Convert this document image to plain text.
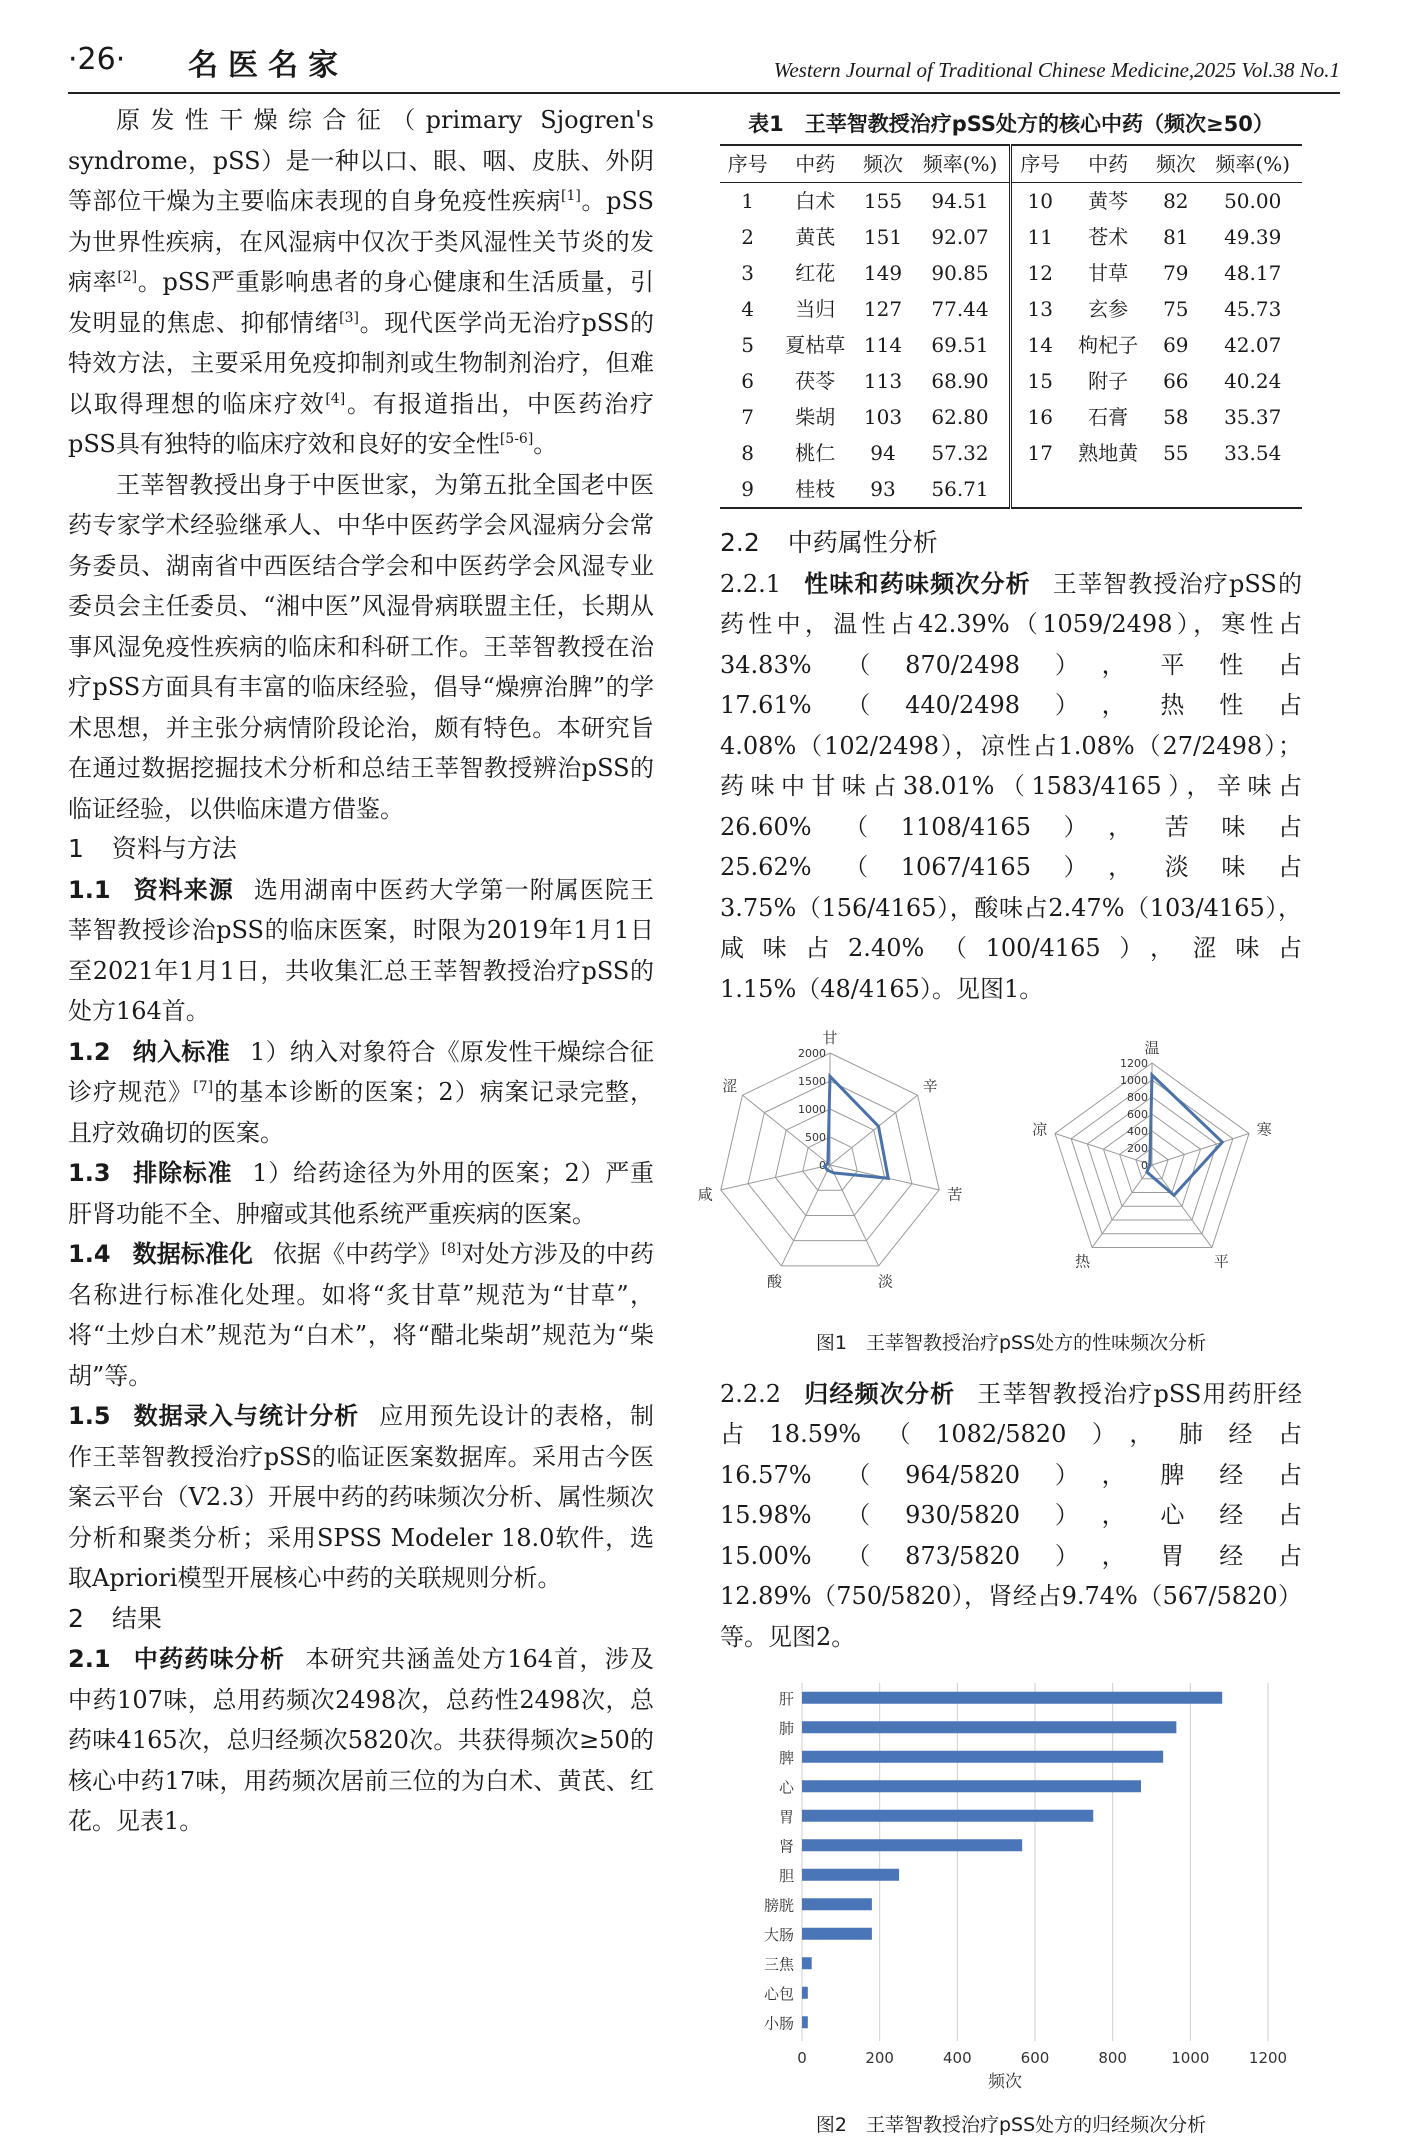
·26· 名医名家	Western Journal of Traditional Chinese Medicine,2025 Vol.38 No.1

原发性干燥综合征（primary Sjogren's syndrome，pSS）是一种以口、眼、咽、皮肤、外阴等部位干燥为主要临床表现的自身免疫性疾病[1]。pSS为世界性疾病，在风湿病中仅次于类风湿性关节炎的发病率[2]。pSS严重影响患者的身心健康和生活质量，引发明显的焦虑、抑郁情绪[3]。现代医学尚无治疗pSS的特效方法，主要采用免疫抑制剂或生物制剂治疗，但难以取得理想的临床疗效[4]。有报道指出，中医药治疗pSS具有独特的临床疗效和良好的安全性[5-6]。

王莘智教授出身于中医世家，为第五批全国老中医药专家学术经验继承人、中华中医药学会风湿病分会常务委员、湖南省中西医结合学会和中医药学会风湿专业委员会主任委员、“湘中医”风湿骨病联盟主任，长期从事风湿免疫性疾病的临床和科研工作。王莘智教授在治疗pSS方面具有丰富的临床经验，倡导“燥痹治脾”的学术思想，并主张分病情阶段论治，颇有特色。本研究旨在通过数据挖掘技术分析和总结王莘智教授辨治pSS的临证经验，以供临床遣方借鉴。

1 资料与方法

1.1 资料来源 选用湖南中医药大学第一附属医院王莘智教授诊治pSS的临床医案，时限为2019年1月1日至2021年1月1日，共收集汇总王莘智教授治疗pSS的处方164首。

1.2 纳入标准 1）纳入对象符合《原发性干燥综合征诊疗规范》[7]的基本诊断的医案；2）病案记录完整，且疗效确切的医案。

1.3 排除标准 1）给药途径为外用的医案；2）严重肝肾功能不全、肿瘤或其他系统严重疾病的医案。

1.4 数据标准化 依据《中药学》[8]对处方涉及的中药名称进行标准化处理。如将“炙甘草”规范为“甘草”，将“土炒白术”规范为“白术”，将“醋北柴胡”规范为“柴胡”等。

1.5 数据录入与统计分析 应用预先设计的表格，制作王莘智教授治疗pSS的临证医案数据库。采用古今医案云平台（V2.3）开展中药的药味频次分析、属性频次分析和聚类分析；采用SPSS Modeler 18.0软件，选取Apriori模型开展核心中药的关联规则分析。

2 结果

2.1 中药药味分析 本研究共涵盖处方164首，涉及中药107味，总用药频次2498次，总药性2498次，总药味4165次，总归经频次5820次。共获得频次≥50的核心中药17味，用药频次居前三位的为白术、黄芪、红花。见表1。

表1　王莘智教授治疗pSS处方的核心中药（频次≥50）
序号	中药	频次	频率(%)	序号	中药	频次	频率(%)
1	白术	155	94.51	10	黄芩	82	50.00
2	黄芪	151	92.07	11	苍术	81	49.39
3	红花	149	90.85	12	甘草	79	48.17
4	当归	127	77.44	13	玄参	75	45.73
5	夏枯草	114	69.51	14	枸杞子	69	42.07
6	茯苓	113	68.90	15	附子	66	40.24
7	柴胡	103	62.80	16	石膏	58	35.37
8	桃仁	94	57.32	17	熟地黄	55	33.54
9	桂枝	93	56.71				
2.2 中药属性分析

2.2.1 性味和药味频次分析 王莘智教授治疗pSS的药性中，温性占42.39%（1059/2498），寒性占34.83%（870/2498），平性占17.61%（440/2498），热性占4.08%（102/2498），凉性占1.08%（27/2498）；药味中甘味占38.01%（1583/4165），辛味占26.60%（1108/4165），苦味占25.62%（1067/4165），淡味占3.75%（156/4165），酸味占2.47%（103/4165），咸味占2.40%（100/4165），涩味占1.15%（48/4165）。见图1。

甘
辛
苦
淡
酸
咸
涩
0
500
1000
1500
2000	温
寒
平
热
凉
0
200
400
600
800
1000
1200
图1　王莘智教授治疗pSS处方的性味频次分析

2.2.2 归经频次分析 王莘智教授治疗pSS用药肝经占18.59%（1082/5820），肺经占16.57%（964/5820），脾经占15.98%（930/5820），心经占15.00%（873/5820），胃经占12.89%（750/5820），肾经占9.74%（567/5820）等。见图2。

0	200	400	600	800	1000	1200
肝
肺
脾
心
胃
肾
胆
膀胱
大肠
三焦
心包
小肠
频次
图2　王莘智教授治疗pSS处方的归经频次分析
